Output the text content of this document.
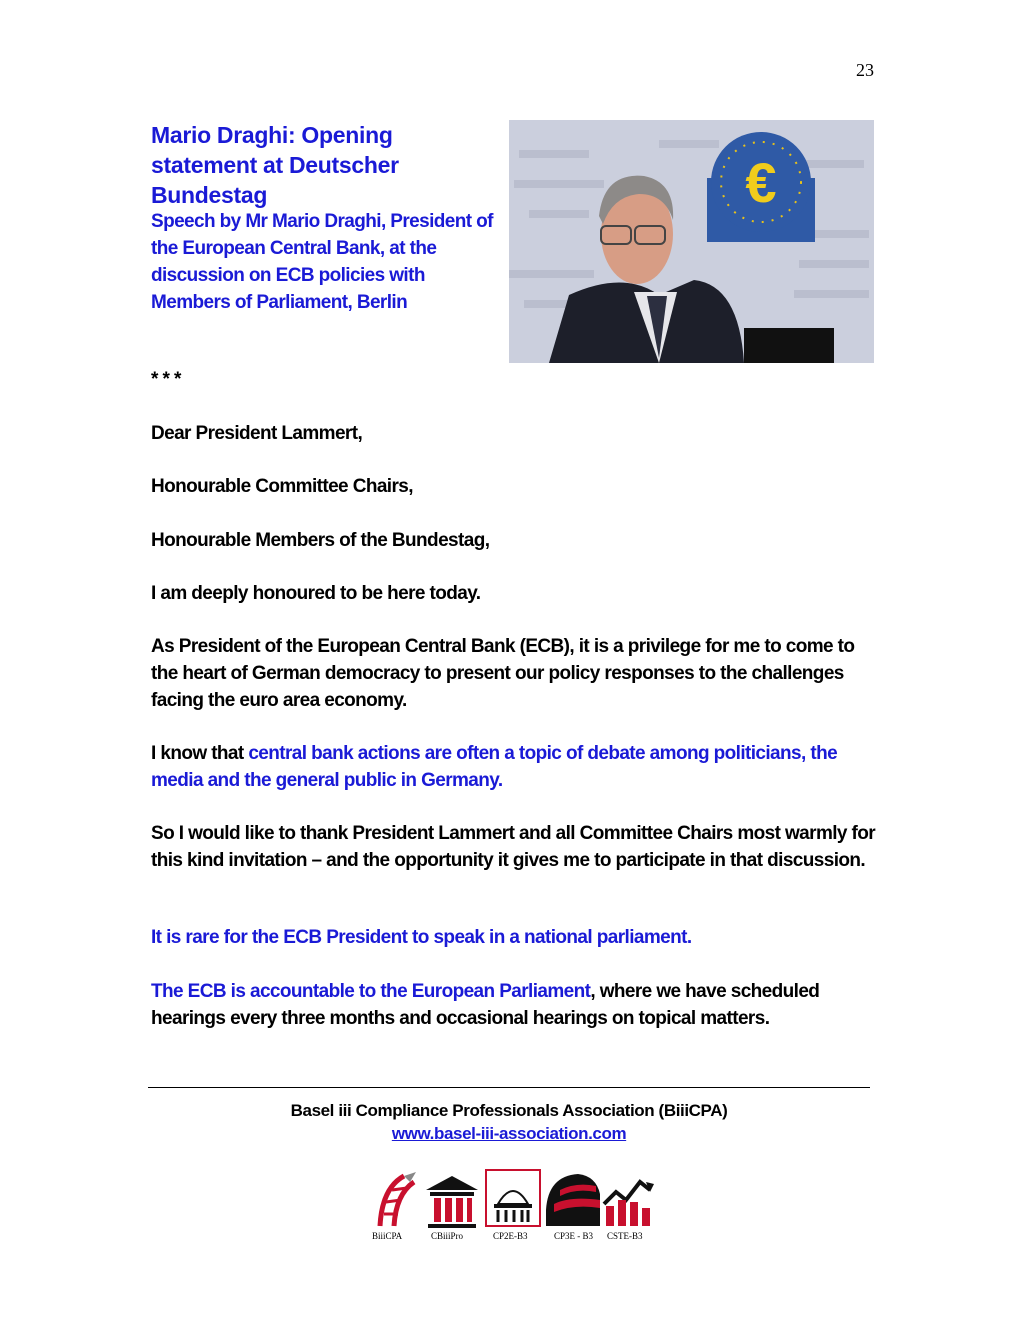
23
Mario Draghi: Opening statement at Deutscher Bundestag
Speech by Mr Mario Draghi, President of the European Central Bank, at the discussion on ECB policies with Members of Parliament, Berlin
€
* * *

Dear President Lammert,

Honourable Committee Chairs,

Honourable Members of the Bundestag,

I am deeply honoured to be here today.

As President of the European Central Bank (ECB), it is a privilege for me to come to the heart of German democracy to present our policy responses to the challenges facing the euro area economy.

I know that central bank actions are often a topic of debate among politicians, the media and the general public in Germany.

So I would like to thank President Lammert and all Committee Chairs most warmly for this kind invitation – and the opportunity it gives me to participate in that discussion.

It is rare for the ECB President to speak in a national parliament.

The ECB is accountable to the European Parliament, where we have scheduled hearings every three months and occasional hearings on topical matters.

Basel iii Compliance Professionals Association (BiiiCPA)
www.basel-iii-association.com
BiiiCPA	CBiiiPro	CP2E-B3	CP3E - B3 CSTE-B3
